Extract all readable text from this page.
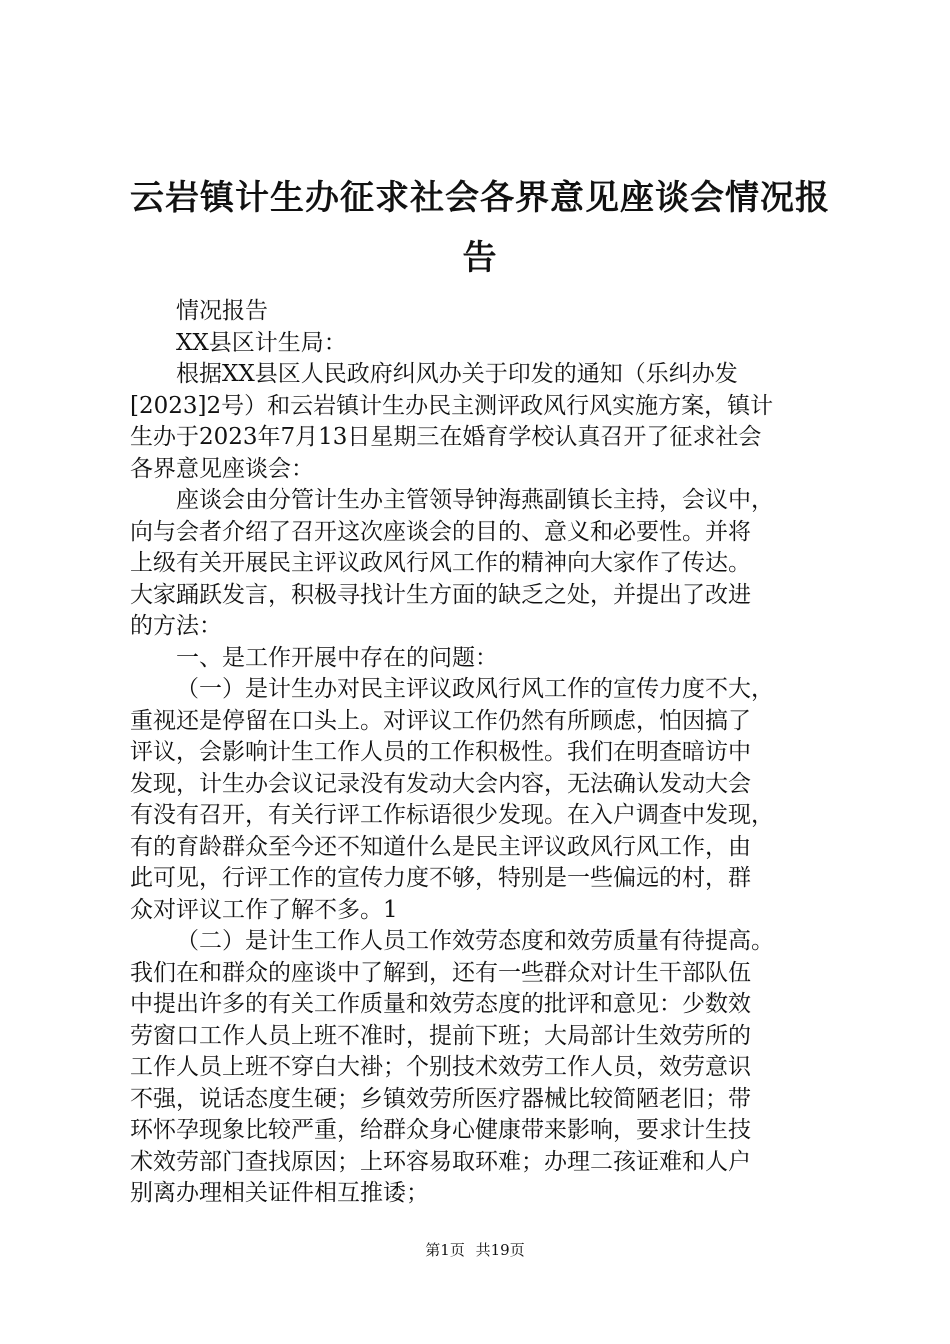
云岩镇计生办征求社会各界意见座谈会情况报
告
情况报告
XX县区计生局：
根据XX县区人民政府纠风办关于印发的通知（乐纠办发
[2023]2号）和云岩镇计生办民主测评政风行风实施方案，镇计
生办于2023年7月13日星期三在婚育学校认真召开了征求社会
各界意见座谈会：
座谈会由分管计生办主管领导钟海燕副镇长主持，会议中，
向与会者介绍了召开这次座谈会的目的、意义和必要性。并将
上级有关开展民主评议政风行风工作的精神向大家作了传达。
大家踊跃发言，积极寻找计生方面的缺乏之处，并提出了改进
的方法：
一、是工作开展中存在的问题：
（一）是计生办对民主评议政风行风工作的宣传力度不大，
重视还是停留在口头上。对评议工作仍然有所顾虑，怕因搞了
评议，会影响计生工作人员的工作积极性。我们在明查暗访中
发现，计生办会议记录没有发动大会内容，无法确认发动大会
有没有召开，有关行评工作标语很少发现。在入户调查中发现，
有的育龄群众至今还不知道什么是民主评议政风行风工作，由
此可见，行评工作的宣传力度不够，特别是一些偏远的村，群
众对评议工作了解不多。1
（二）是计生工作人员工作效劳态度和效劳质量有待提高。
我们在和群众的座谈中了解到，还有一些群众对计生干部队伍
中提出许多的有关工作质量和效劳态度的批评和意见：少数效
劳窗口工作人员上班不准时，提前下班；大局部计生效劳所的
工作人员上班不穿白大褂；个别技术效劳工作人员，效劳意识
不强，说话态度生硬；乡镇效劳所医疗器械比较简陋老旧；带
环怀孕现象比较严重，给群众身心健康带来影响，要求计生技
术效劳部门查找原因；上环容易取环难；办理二孩证难和人户
别离办理相关证件相互推诿；
第1页 共19页
